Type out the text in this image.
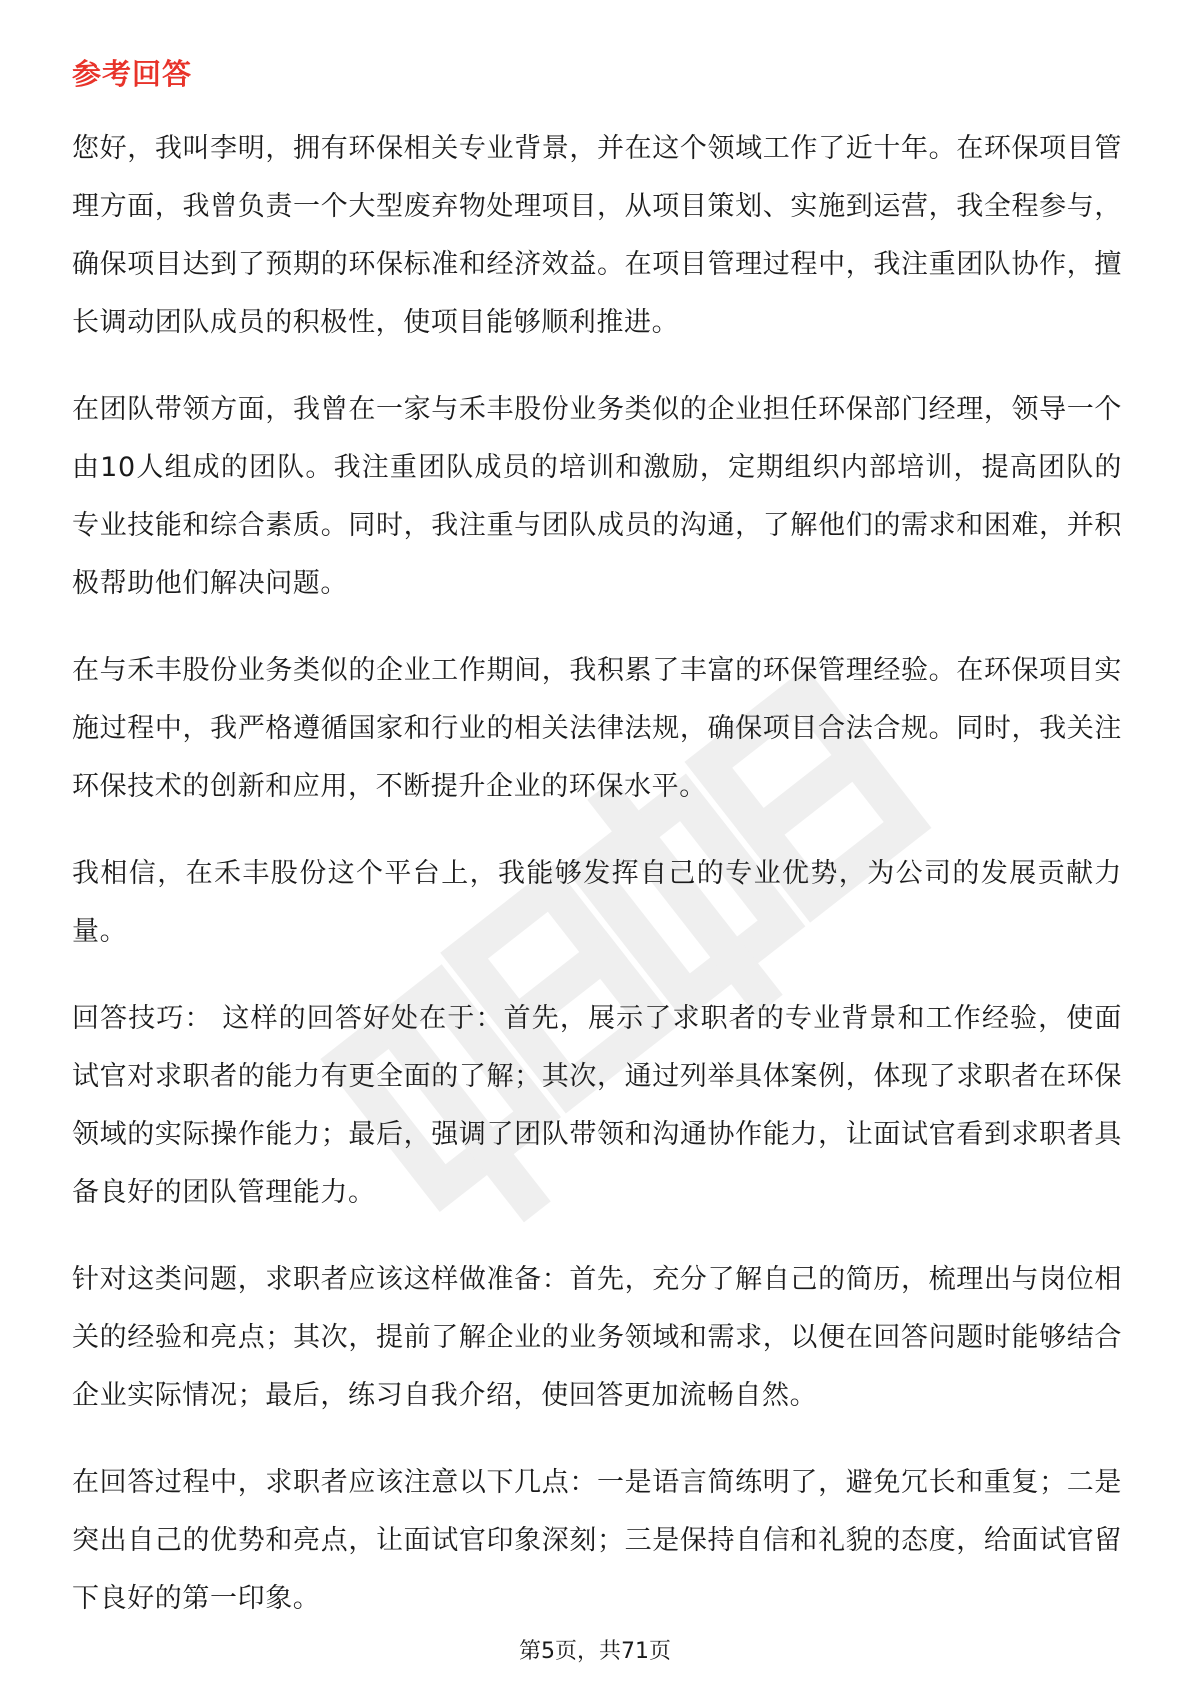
参考回答

您好，我叫李明，拥有环保相关专业背景，并在这个领域工作了近十年。在环保项目管理方面，我曾负责一个大型废弃物处理项目，从项目策划、实施到运营，我全程参与，确保项目达到了预期的环保标准和经济效益。在项目管理过程中，我注重团队协作，擅长调动团队成员的积极性，使项目能够顺利推进。

在团队带领方面，我曾在一家与禾丰股份业务类似的企业担任环保部门经理，领导一个由10人组成的团队。我注重团队成员的培训和激励，定期组织内部培训，提高团队的专业技能和综合素质。同时，我注重与团队成员的沟通，了解他们的需求和困难，并积极帮助他们解决问题。

在与禾丰股份业务类似的企业工作期间，我积累了丰富的环保管理经验。在环保项目实施过程中，我严格遵循国家和行业的相关法律法规，确保项目合法合规。同时，我关注环保技术的创新和应用，不断提升企业的环保水平。

我相信，在禾丰股份这个平台上，我能够发挥自己的专业优势，为公司的发展贡献力量。

回答技巧： 这样的回答好处在于：首先，展示了求职者的专业背景和工作经验，使面试官对求职者的能力有更全面的了解；其次，通过列举具体案例，体现了求职者在环保领域的实际操作能力；最后，强调了团队带领和沟通协作能力，让面试官看到求职者具备良好的团队管理能力。

针对这类问题，求职者应该这样做准备：首先，充分了解自己的简历，梳理出与岗位相关的经验和亮点；其次，提前了解企业的业务领域和需求，以便在回答问题时能够结合企业实际情况；最后，练习自我介绍，使回答更加流畅自然。

在回答过程中，求职者应该注意以下几点：一是语言简练明了，避免冗长和重复；二是突出自己的优势和亮点，让面试官印象深刻；三是保持自信和礼貌的态度，给面试官留下良好的第一印象。

第5页，共71页
